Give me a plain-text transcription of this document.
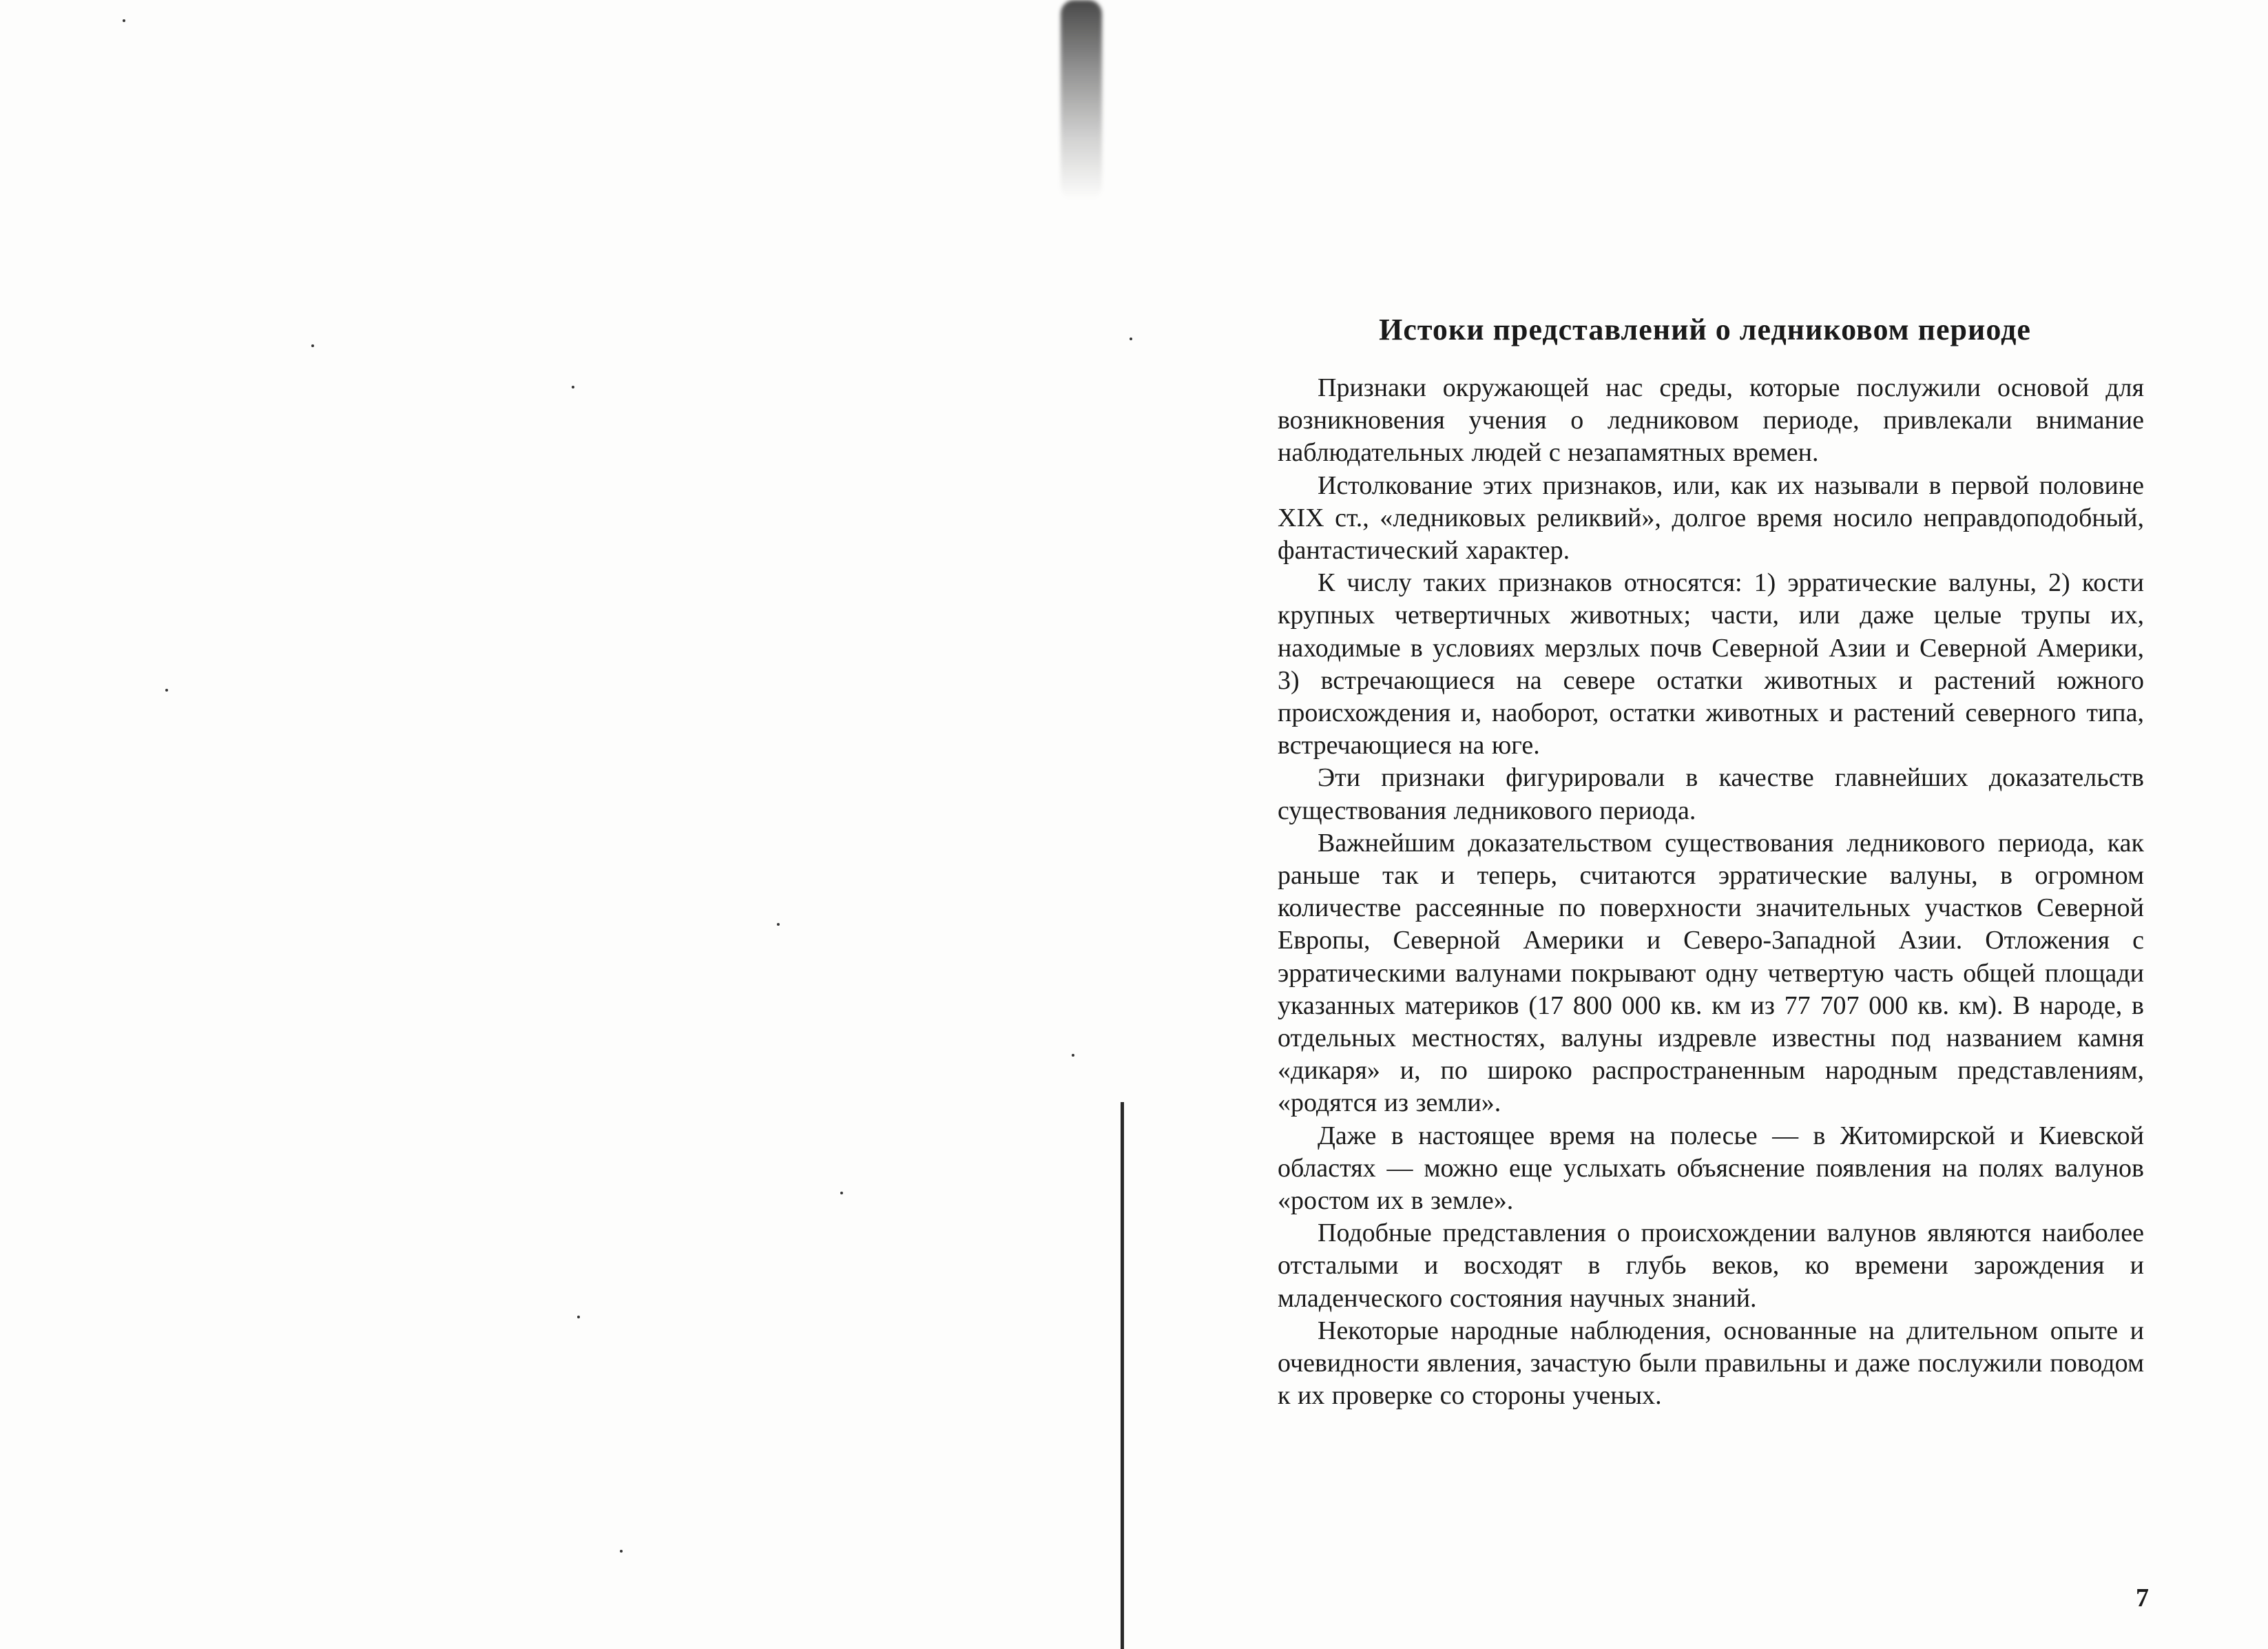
Истоки представлений о ледниковом периоде

Признаки окружающей нас среды, которые послужили основой для возникновения учения о ледниковом периоде, привлекали внимание наблюдательных людей с незапамятных времен.

Истолкование этих признаков, или, как их называли в первой половине XIX ст., «ледниковых реликвий», долгое время носило неправдоподобный, фантастический характер.

К числу таких признаков относятся: 1) эрратические валуны, 2) кости крупных четвертичных животных; части, или даже целые трупы их, находимые в условиях мерзлых почв Северной Азии и Северной Америки, 3) встречающиеся на севере остатки животных и растений южного происхождения и, наоборот, остатки животных и растений северного типа, встречающиеся на юге.

Эти признаки фигурировали в качестве главнейших доказательств существования ледникового периода.

Важнейшим доказательством существования ледникового периода, как раньше так и теперь, считаются эрратические валуны, в огромном количестве рассеянные по поверхности значительных участков Северной Европы, Северной Америки и Северо-Западной Азии. Отложения с эрратическими валунами покрывают одну четвертую часть общей площади указанных материков (17 800 000 кв. км из 77 707 000 кв. км). В народе, в отдельных местностях, валуны издревле известны под названием камня «дикаря» и, по широко распространенным народным представлениям, «родятся из земли».

Даже в настоящее время на полесье — в Житомирской и Киевской областях — можно еще услыхать объяснение появления на полях валунов «ростом их в земле».

Подобные представления о происхождении валунов являются наиболее отсталыми и восходят в глубь веков, ко времени зарождения и младенческого состояния научных знаний.

Некоторые народные наблюдения, основанные на длительном опыте и очевидности явления, зачастую были правильны и даже послужили поводом к их проверке со стороны ученых.

7
